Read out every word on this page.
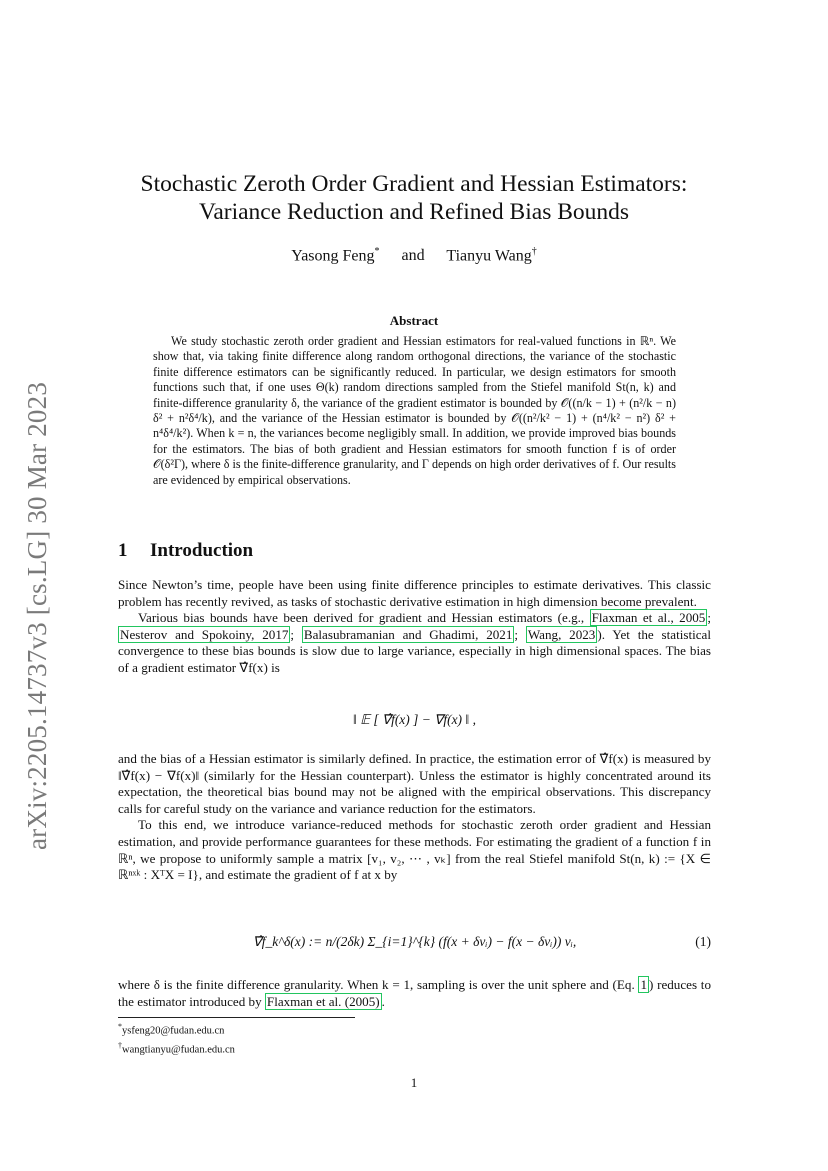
arXiv:2205.14737v3 [cs.LG] 30 Mar 2023
Stochastic Zeroth Order Gradient and Hessian Estimators:
Variance Reduction and Refined Bias Bounds
Yasong Feng* and Tianyu Wang†
Abstract

We study stochastic zeroth order gradient and Hessian estimators for real-valued functions in ℝⁿ. We show that, via taking finite difference along random orthogonal directions, the variance of the stochastic finite difference estimators can be significantly reduced. In particular, we design estimators for smooth functions such that, if one uses Θ(k) random directions sampled from the Stiefel manifold St(n, k) and finite-difference granularity δ, the variance of the gradient estimator is bounded by 𝒪((n/k − 1) + (n²/k − n) δ² + n²δ⁴/k), and the variance of the Hessian estimator is bounded by 𝒪((n²/k² − 1) + (n⁴/k² − n²) δ² + n⁴δ⁴/k²). When k = n, the variances become negligibly small. In addition, we provide improved bias bounds for the estimators. The bias of both gradient and Hessian estimators for smooth function f is of order 𝒪(δ²Γ), where δ is the finite-difference granularity, and Γ depends on high order derivatives of f. Our results are evidenced by empirical observations.

1 Introduction

Since Newton’s time, people have been using finite difference principles to estimate derivatives. This classic problem has recently revived, as tasks of stochastic derivative estimation in high dimension become prevalent.

Various bias bounds have been derived for gradient and Hessian estimators (e.g., Flaxman et al., 2005 ; Nesterov and Spokoiny, 2017 ; Balasubramanian and Ghadimi, 2021 ; Wang, 2023 ). Yet the statistical convergence to these bias bounds is slow due to large variance, especially in high dimensional spaces. The bias of a gradient estimator ∇̂f(x) is

‖ 𝔼 [ ∇̂f(x) ] − ∇f(x) ‖ ,

and the bias of a Hessian estimator is similarly defined. In practice, the estimation error of ∇̂f(x) is measured by ‖∇̂f(x) − ∇f(x)‖ (similarly for the Hessian counterpart). Unless the estimator is highly concentrated around its expectation, the theoretical bias bound may not be aligned with the empirical observations. This discrepancy calls for careful study on the variance and variance reduction for the estimators.

To this end, we introduce variance-reduced methods for stochastic zeroth order gradient and Hessian estimation, and provide performance guarantees for these methods. For estimating the gradient of a function f in ℝⁿ, we propose to uniformly sample a matrix [v₁, v₂, ⋯ , vₖ] from the real Stiefel manifold St(n, k) := {X ∈ ℝⁿˣᵏ : XᵀX = I}, and estimate the gradient of f at x by

∇̂f_k^δ(x) := n/(2δk) Σ_{i=1}^{k} (f(x + δvᵢ) − f(x − δvᵢ)) vᵢ,	(1)

where δ is the finite difference granularity. When k = 1, sampling is over the unit sphere and (Eq. 1 ) reduces to the estimator introduced by Flaxman et al. (2005) .

*ysfeng20@fudan.edu.cn
†wangtianyu@fudan.edu.cn
1
